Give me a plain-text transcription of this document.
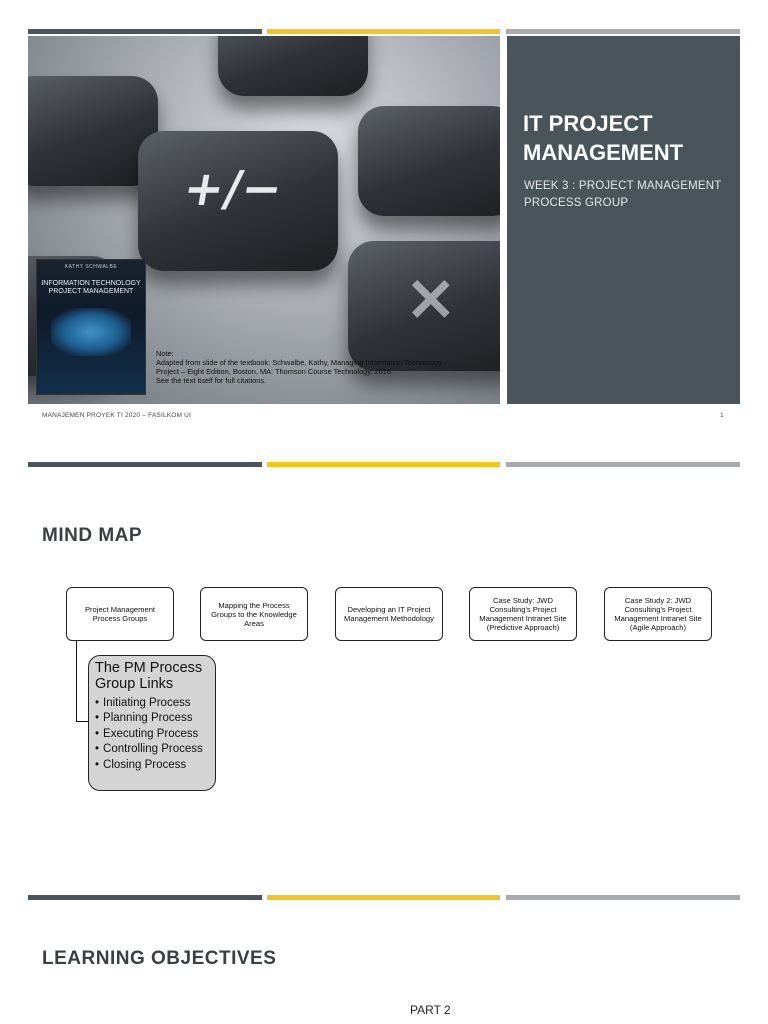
+/−
×
KATHY SCHWALBE
INFORMATION TECHNOLOGY PROJECT MANAGEMENT
Note:
Adapted from slide of the textbook: Schwalbe, Kathy, Managing Information Technology
Project – Eight Edition, Boston, MA: Thomson Course Technology, 2016.
See the text itself for full citations.
IT PROJECT MANAGEMENT
WEEK 3 : PROJECT MANAGEMENT PROCESS GROUP
MANAJEMEN PROYEK TI 2020 – FASILKOM UI	1
MIND MAP
Project Management Process Groups
Mapping the Process Groups to the Knowledge Areas
Developing an IT Project Management Methodology
Case Study: JWD Consulting's Project Management Intranet Site (Predictive Approach)
Case Study 2: JWD Consulting's Project Management Intranet Site (Agile Approach)
The PM Process Group Links
• Initiating Process
• Planning Process
• Executing Process
• Controlling Process
• Closing Process
LEARNING OBJECTIVES
PART 2
